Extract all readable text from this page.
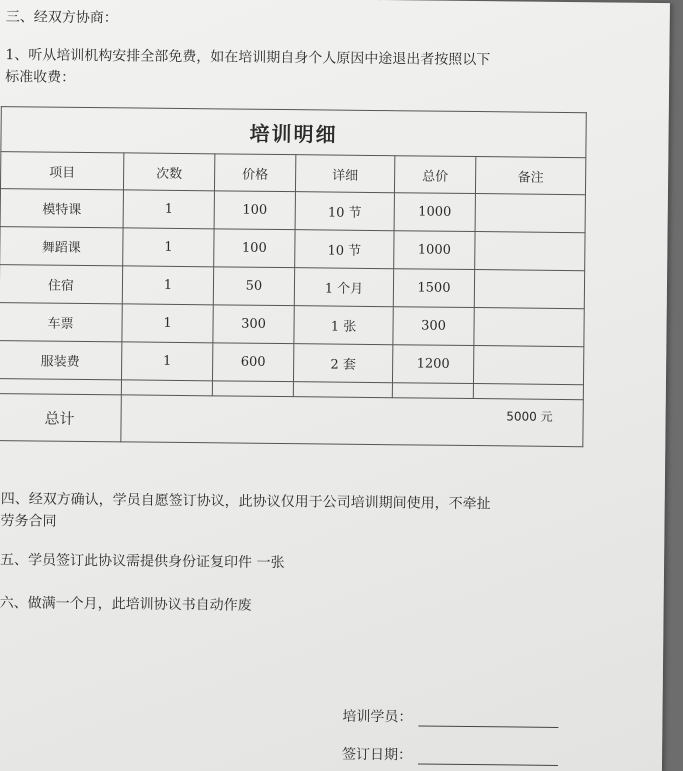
三、经双方协商：
1、听从培训机构安排全部免费，如在培训期自身个人原因中途退出者按照以下
标准收费：
培训明细					
项目	次数	价格	详细	总价	备注
模特课	1	100	10 节	1000	
舞蹈课	1	100	10 节	1000	
住宿	1	50	1 个月	1500	
车票	1	300	1 张	300	
服装费	1	600	2 套	1200	

总计	5000 元				
四、经双方确认，学员自愿签订协议，此协议仅用于公司培训期间使用，不牵扯
劳务合同
五、学员签订此协议需提供身份证复印件 一张
六、做满一个月，此培训协议书自动作废
培训学员：
签订日期：
